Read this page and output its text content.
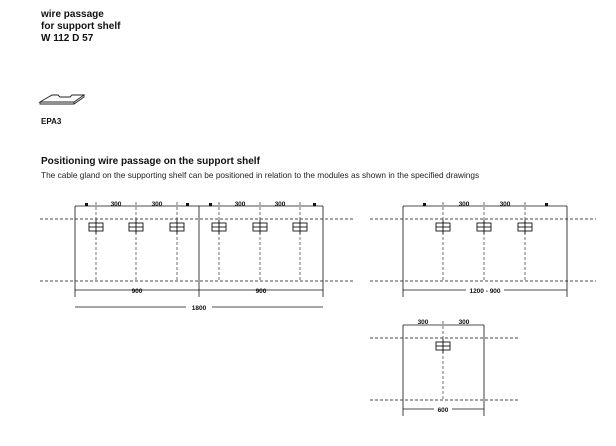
wire passage
for support shelf
W 112 D 57
EPA3
Positioning wire passage on the support shelf
The cable gland on the supporting shelf can be positioned in relation to the modules as shown in the specified drawings
300	300	300	300
900	900
1800
300	300
1200 - 900
300	300
600
